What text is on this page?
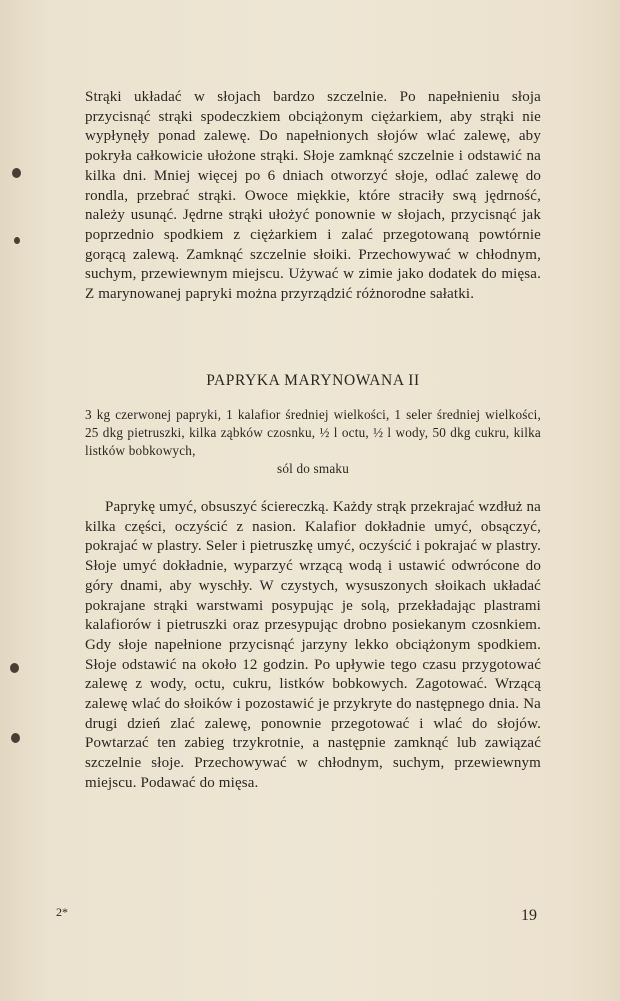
Strąki układać w słojach bardzo szczelnie. Po napełnieniu słoja przycisnąć strąki spodeczkiem obciążonym ciężarkiem, aby strąki nie wypłynęły ponad zalewę. Do napełnionych słojów wlać zalewę, aby pokryła całkowicie ułożone strąki. Słoje zamknąć szczelnie i odstawić na kilka dni. Mniej więcej po 6 dniach otworzyć słoje, odlać zalewę do rondla, przebrać strąki. Owoce miękkie, które straciły swą jędrność, należy usunąć. Jędrne strąki ułożyć ponownie w słojach, przycisnąć jak poprzednio spodkiem z ciężarkiem i zalać przegotowaną powtórnie gorącą zalewą. Zamknąć szczelnie słoiki. Przechowywać w chłodnym, suchym, przewiewnym miejscu. Używać w zimie jako dodatek do mięsa. Z marynowanej papryki można przyrządzić różnorodne sałatki.

PAPRYKA MARYNOWANA II
3 kg czerwonej papryki, 1 kalafior średniej wielkości, 1 seler średniej wielkości, 25 dkg pietruszki, kilka ząbków czosnku, ½ l octu, ½ l wody, 50 dkg cukru, kilka listków bobkowych,
sól do smaku

Paprykę umyć, obsuszyć ściereczką. Każdy strąk przekrajać wzdłuż na kilka części, oczyścić z nasion. Kalafior dokładnie umyć, obsączyć, pokrajać w plastry. Seler i pietruszkę umyć, oczyścić i pokrajać w plastry. Słoje umyć dokładnie, wyparzyć wrzącą wodą i ustawić odwrócone do góry dnami, aby wyschły. W czystych, wysuszonych słoikach układać pokrajane strąki warstwami posypując je solą, przekładając plastrami kalafiorów i pietruszki oraz przesypując drobno posiekanym czosnkiem. Gdy słoje napełnione przycisnąć jarzyny lekko obciążonym spodkiem. Słoje odstawić na około 12 godzin. Po upływie tego czasu przygotować zalewę z wody, octu, cukru, listków bobkowych. Zagotować. Wrzącą zalewę wlać do słoików i pozostawić je przykryte do następnego dnia. Na drugi dzień zlać zalewę, ponownie przegotować i wlać do słojów. Powtarzać ten zabieg trzykrotnie, a następnie zamknąć lub zawiązać szczelnie słoje. Przechowywać w chłodnym, suchym, przewiewnym miejscu. Podawać do mięsa.

2*	19
